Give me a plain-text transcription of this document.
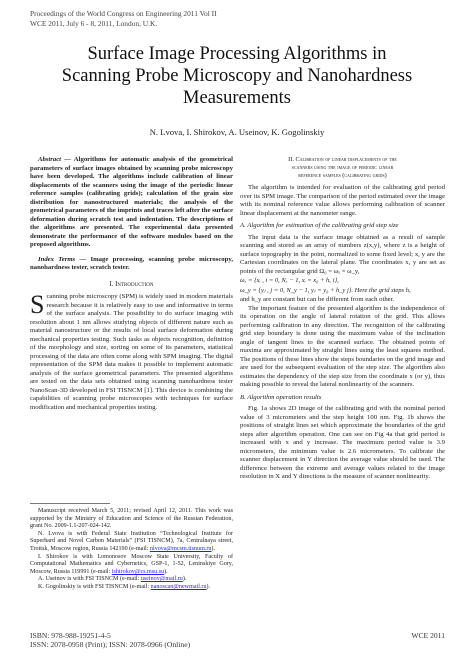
Proceedings of the World Congress on Engineering 2011 Vol II
WCE 2011, July 6 - 8, 2011, London, U.K.
Surface Image Processing Algorithms in
Scanning Probe Microscopy and Nanohardness
Measurements
N. Lvova, I. Shirokov, A. Useinov, K. Gogolinskiy

Abstract — Algorithms for automatic analysis of the geometrical parameters of surface images obtained by scanning probe microscopy have been developed. The algorithms include calibration of linear displacements of the scanners using the image of the periodic linear reference samples (calibrating grids); calculation of the grain size distribution for nanostructured materials; the analysis of the geometrical parameters of the imprints and traces left after the surface deformation during scratch test and indentation. The descriptions of the algorithms are presented. The experimental data presented demonstrate the performance of the software modules based on the proposed algorithms.

Index Terms — Image processing, scanning probe microscopy, nanohardness tester, scratch tester.

I. Introduction

Scanning probe microscopy (SPM) is widely used in modern materials research because it is relatively easy to use and informative in terms of the surface analysis. The possibility to do surface imaging with resolution about 1 nm allows studying objects of different nature such as material nanostructure or the results of local surface deformation during mechanical properties testing. Such tasks as objects recognition, definition of the morphology and size, sorting on some of its parameters, statistical processing of the data are often come along with SPM imaging. The digital representation of the SPM data makes it possible to implement automatic analysis of the surface geometrical parameters. The presented algorithms are tested on the data sets obtained using scanning nanohardness tester NanoScan-3D developed in FSI TISNCM [1]. This device is combining the capabilities of scanning probe microscopes with techniques for surface modification and mechanical properties testing.

Manuscript received March 5, 2011; revised April 12, 2011. This work was supported by the Ministry of Education and Science of the Russian Federation, grant No. 2009-1.1-207-024-142.

N. Lvova is with Federal State Institution “Technological Institute for Superhard and Novel Carbon Materials” (FSI TISNCM), 7a, Centralnaya street, Troitsk, Moscow region, Russia 142190 (e-mail: nlvova@mcsm.tisnum.ru).

I. Shirokov is with Lomonosov Moscow State University, Faculty of Computational Mathematics and Cybernetics, GSP-1, 1-52, Leninskiye Gory, Moscow, Russia 119991 (e-mail: ishirokov@cs.msu.su).

A. Useinov is with FSI TISNCM (e-mail: useinov@mail.ru).

K. Gogolinskiy is with FSI TISNCM (e-mail: nanoscan@newmail.ru).

II. Calibration of linear displacements of the
scanners using the image of periodic linear
reference samples (calibrating grids)

The algorithm is intended for evaluation of the calibrating grid period over its SPM image. The comparison of the period estimated over the image with its nominal reference value allows performing calibration of scanner linear displacement at the nanometer range.

A. Algorithm for estimation of the calibrating grid step size

The input data is the surface image obtained as a result of sample scanning and stored as an array of numbers z(x,y), where z is a height of surface topography in the point, normalized to some fixed level; x, y are the Cartesian coordinates on the lateral plane. The coordinates x, y are set as points of the rectangular grid Ω₀ = ωₓ × ω_y,

ωₓ = {xᵢ , i = 0, Nₓ − 1, xᵢ = x₀ + hₓ i},
ω_y = {yⱼ , j = 0, N_y − 1, yⱼ = y₀ + h_y j}. Here the grid steps hₓ

and h_y are constant but can be different from each other.

The important feature of the presented algorithm is the independence of its operation on the angle of lateral rotation of the grid. This allows performing calibration in any direction. The recognition of the calibrating grid step boundary is done using the maximum value of the inclination angle of tangent lines to the scanned surface. The obtained points of maxima are approximated by straight lines using the least squares method. The positions of these lines show the steps boundaries on the grid image and are used for the subsequent evaluation of the step size. The algorithm also estimates the dependency of the step size from the coordinate x (or y), thus making possible to reveal the lateral nonlinearity of the scanners.

B. Algorithm operation results

Fig. 1a shows 2D image of the calibrating grid with the nominal period value of 3 micrometers and the step height 100 nm. Fig. 1b shows the positions of straight lines set which approximate the boundaries of the grid steps after algorithm operation. One can see on Fig 4a that grid period is increased with x and y increase. The maximum period value is 3.9 micrometers, the minimum value is 2.6 micrometers. To calibrate the scanner displacement in Y direction the average value should be used. The difference between the extreme and average values related to the image resolution in X and Y directions is the measure of scanner nonlinearity.

ISBN: 978-988-19251-4-5
ISSN: 2078-0958 (Print); ISSN: 2078-0966 (Online)
WCE 2011
